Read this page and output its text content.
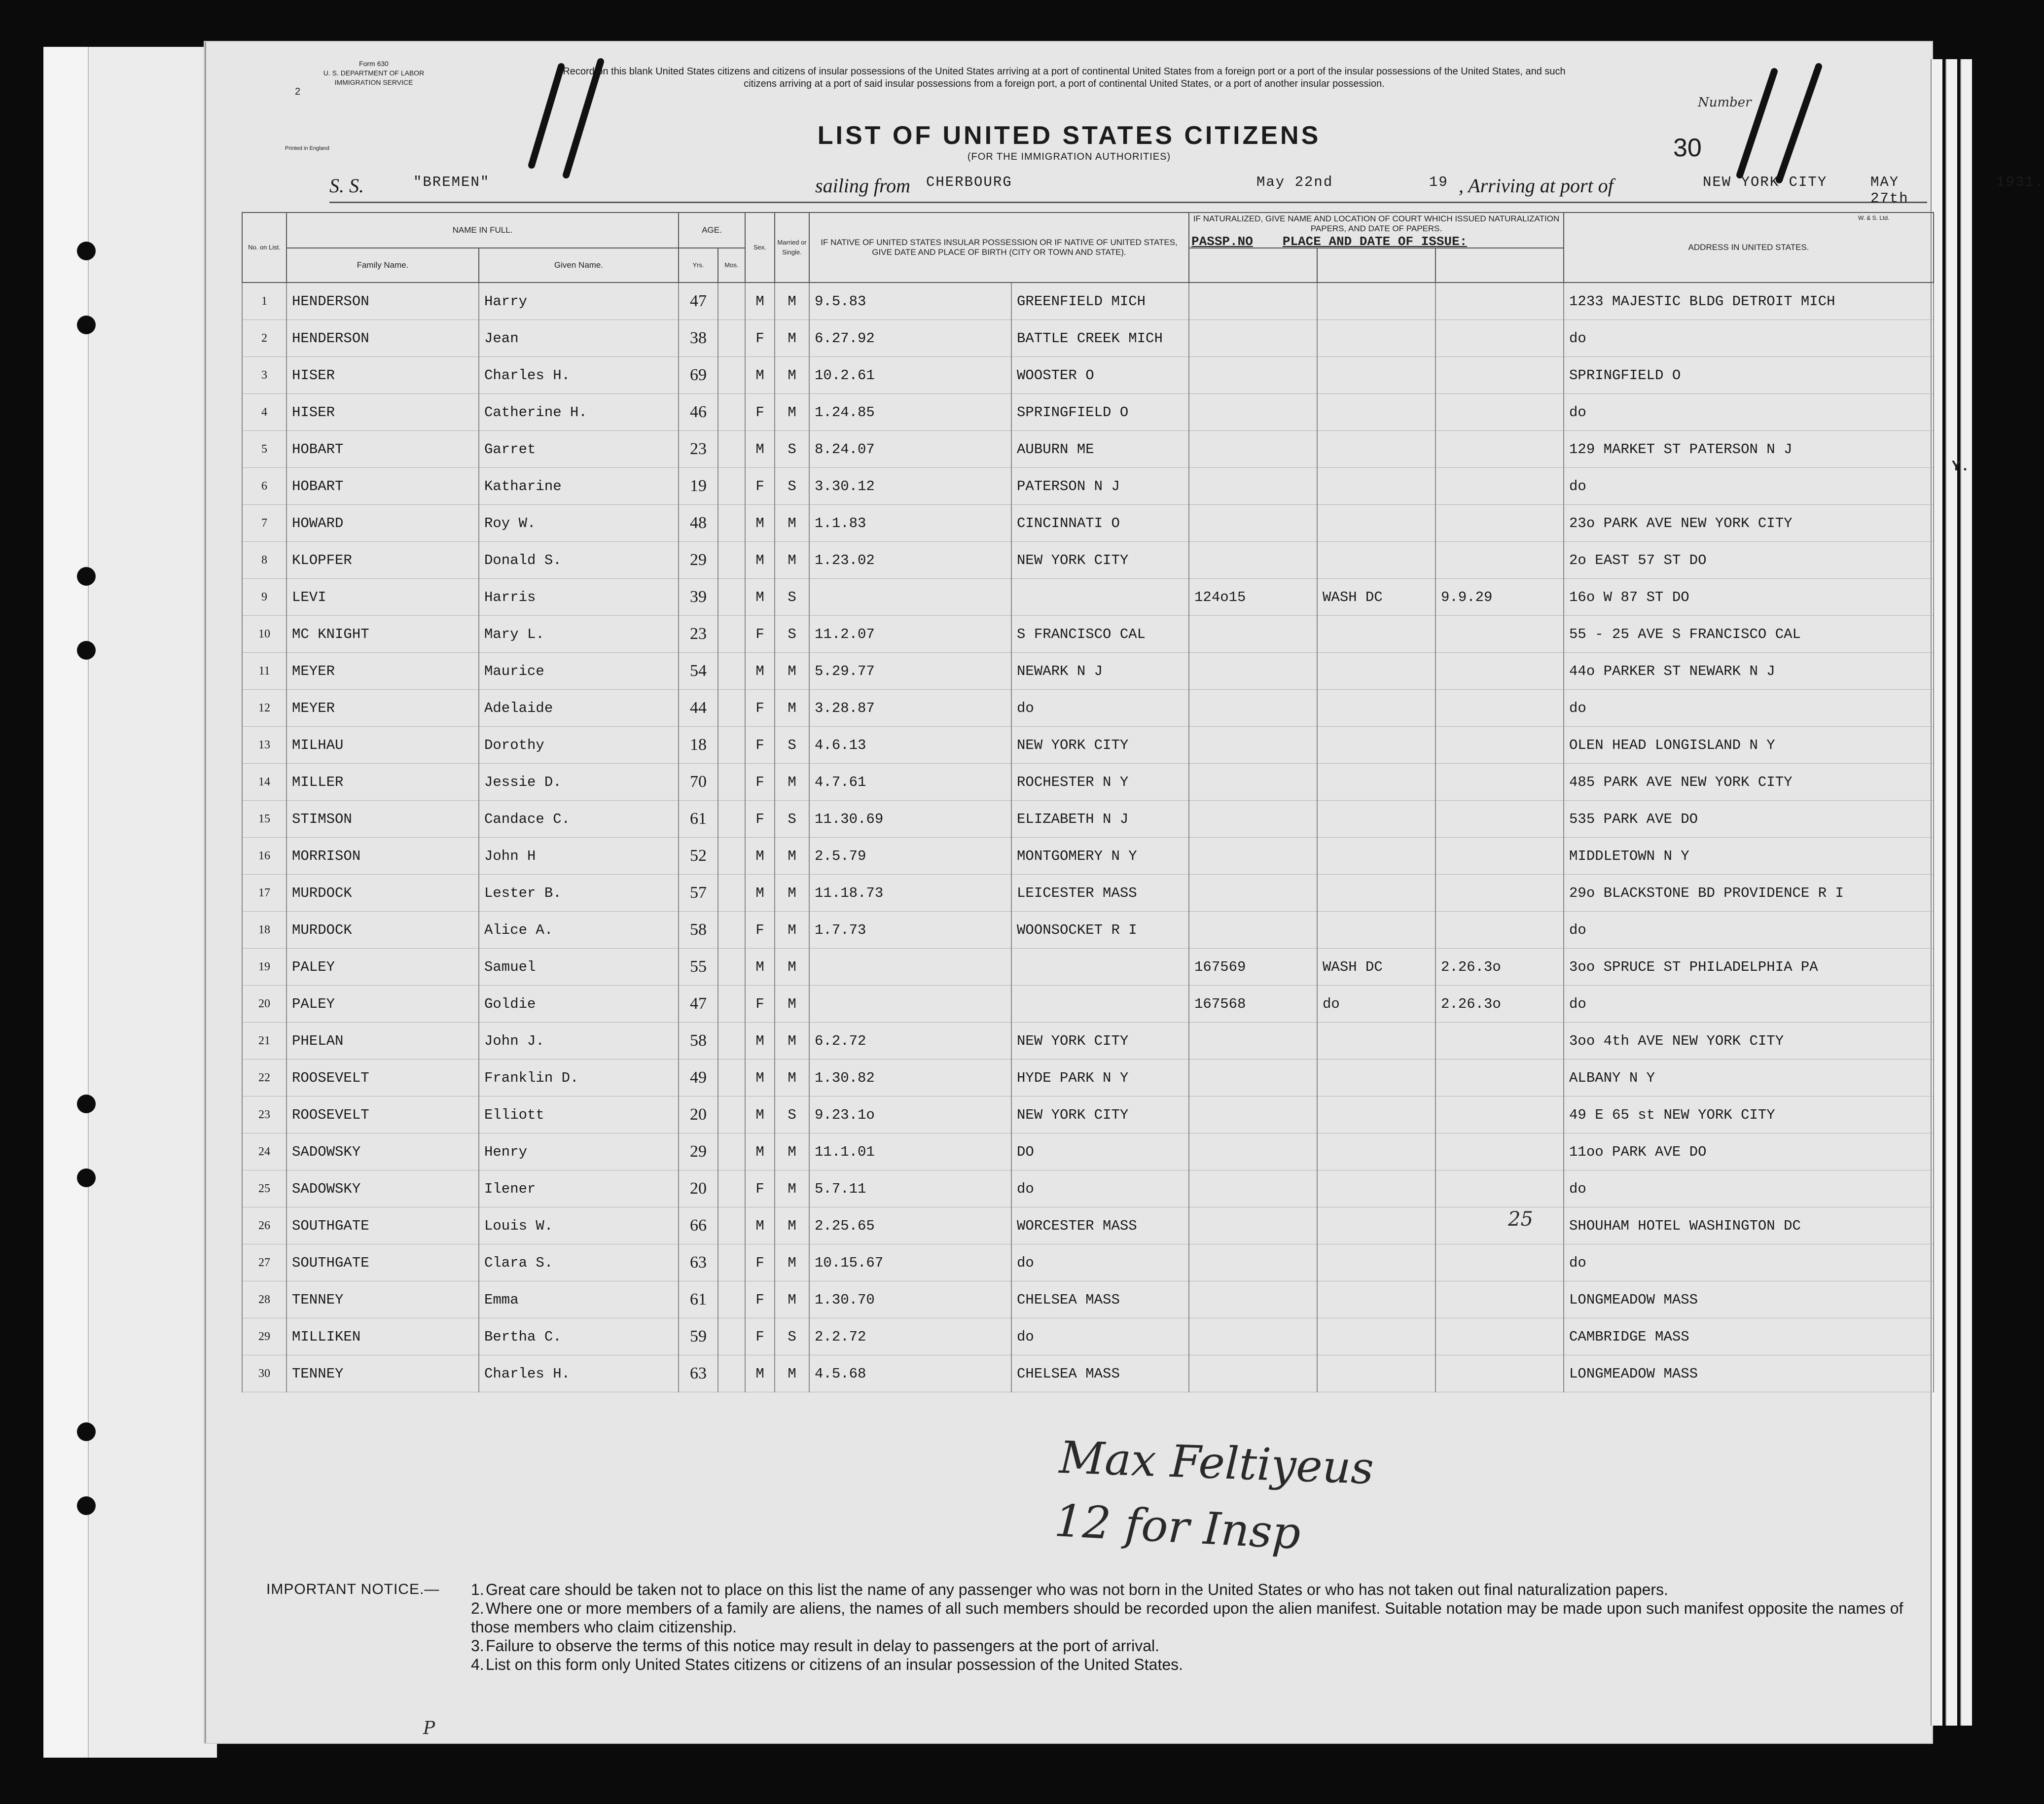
Form 630
U. S. DEPARTMENT OF LABOR
IMMIGRATION SERVICE
2
Printed in England
Record on this blank United States citizens and citizens of insular possessions of the United States arriving at a port of continental United States from a foreign port or a port of the insular possessions of the United States, and such citizens arriving at a port of said insular possessions from a foreign port, a port of continental United States, or a port of another insular possession.
LIST OF UNITED STATES CITIZENS
(FOR THE IMMIGRATION AUTHORITIES)
Number
30
S. S.	"BREMEN"	sailing from CHERBOURG	May 22nd	19 , Arriving at port of	NEW YORK CITY	MAY 27th
1931.
W. & S. Ltd.
Max Feltiyeus
12 for Insp
25
P
Y.
No. on List.	NAME IN FULL.		AGE.		Sex.	Married or Single.	IF NATIVE OF UNITED STATES INSULAR POSSESSION OR IF NATIVE OF UNITED STATES, GIVE DATE AND PLACE OF BIRTH (CITY OR TOWN AND STATE).		IF NATURALIZED, GIVE NAME AND LOCATION OF COURT WHICH ISSUED NATURALIZATION PAPERS, AND DATE OF PAPERS.
PASSP.NO PLACE AND DATE OF ISSUE:			ADDRESS IN UNITED STATES.
	Family Name.	Given Name.	Yrs.	Mos.								
1	HENDERSON	Harry	47		M	M	9.5.83	GREENFIELD MICH				1233 MAJESTIC BLDG DETROIT MICH
2	HENDERSON	Jean	38		F	M	6.27.92	BATTLE CREEK MICH				do
3	HISER	Charles H.	69		M	M	10.2.61	WOOSTER O				SPRINGFIELD O
4	HISER	Catherine H.	46		F	M	1.24.85	SPRINGFIELD O				do
5	HOBART	Garret	23		M	S	8.24.07	AUBURN ME				129 MARKET ST PATERSON N J
6	HOBART	Katharine	19		F	S	3.30.12	PATERSON N J				do
7	HOWARD	Roy W.	48		M	M	1.1.83	CINCINNATI O				23o PARK AVE NEW YORK CITY
8	KLOPFER	Donald S.	29		M	M	1.23.02	NEW YORK CITY				2o EAST 57 ST DO
9	LEVI	Harris	39		M	S			124o15	WASH DC	9.9.29	16o W 87 ST DO
10	MC KNIGHT	Mary L.	23		F	S	11.2.07	S FRANCISCO CAL				55 - 25 AVE S FRANCISCO CAL
11	MEYER	Maurice	54		M	M	5.29.77	NEWARK N J				44o PARKER ST NEWARK N J
12	MEYER	Adelaide	44		F	M	3.28.87	do				do
13	MILHAU	Dorothy	18		F	S	4.6.13	NEW YORK CITY				OLEN HEAD LONGISLAND N Y
14	MILLER	Jessie D.	70		F	M	4.7.61	ROCHESTER N Y				485 PARK AVE NEW YORK CITY
15	STIMSON	Candace C.	61		F	S	11.30.69	ELIZABETH N J				535 PARK AVE DO
16	MORRISON	John H	52		M	M	2.5.79	MONTGOMERY N Y				MIDDLETOWN N Y
17	MURDOCK	Lester B.	57		M	M	11.18.73	LEICESTER MASS				29o BLACKSTONE BD PROVIDENCE R I
18	MURDOCK	Alice A.	58		F	M	1.7.73	WOONSOCKET R I				do
19	PALEY	Samuel	55		M	M			167569	WASH DC	2.26.3o	3oo SPRUCE ST PHILADELPHIA PA
20	PALEY	Goldie	47		F	M			167568	do	2.26.3o	do
21	PHELAN	John J.	58		M	M	6.2.72	NEW YORK CITY				3oo 4th AVE NEW YORK CITY
22	ROOSEVELT	Franklin D.	49		M	M	1.30.82	HYDE PARK N Y				ALBANY N Y
23	ROOSEVELT	Elliott	20		M	S	9.23.1o	NEW YORK CITY				49 E 65 st NEW YORK CITY
24	SADOWSKY	Henry	29		M	M	11.1.01	DO				11oo PARK AVE DO
25	SADOWSKY	Ilener	20		F	M	5.7.11	do				do
26	SOUTHGATE	Louis W.	66		M	M	2.25.65	WORCESTER MASS				SHOUHAM HOTEL WASHINGTON DC
27	SOUTHGATE	Clara S.	63		F	M	10.15.67	do				do
28	TENNEY	Emma	61		F	M	1.30.70	CHELSEA MASS				LONGMEADOW MASS
29	MILLIKEN	Bertha C.	59		F	S	2.2.72	do				CAMBRIDGE MASS
30	TENNEY	Charles H.	63		M	M	4.5.68	CHELSEA MASS				LONGMEADOW MASS
IMPORTANT NOTICE.— 1. Great care should be taken not to place on this list the name of any passenger who was not born in the United States or who has not taken out final naturalization papers.
2. Where one or more members of a family are aliens, the names of all such members should be recorded upon the alien manifest. Suitable notation may be made upon such manifest opposite the names of those members who claim citizenship.
3. Failure to observe the terms of this notice may result in delay to passengers at the port of arrival.
4. List on this form only United States citizens or citizens of an insular possession of the United States.
